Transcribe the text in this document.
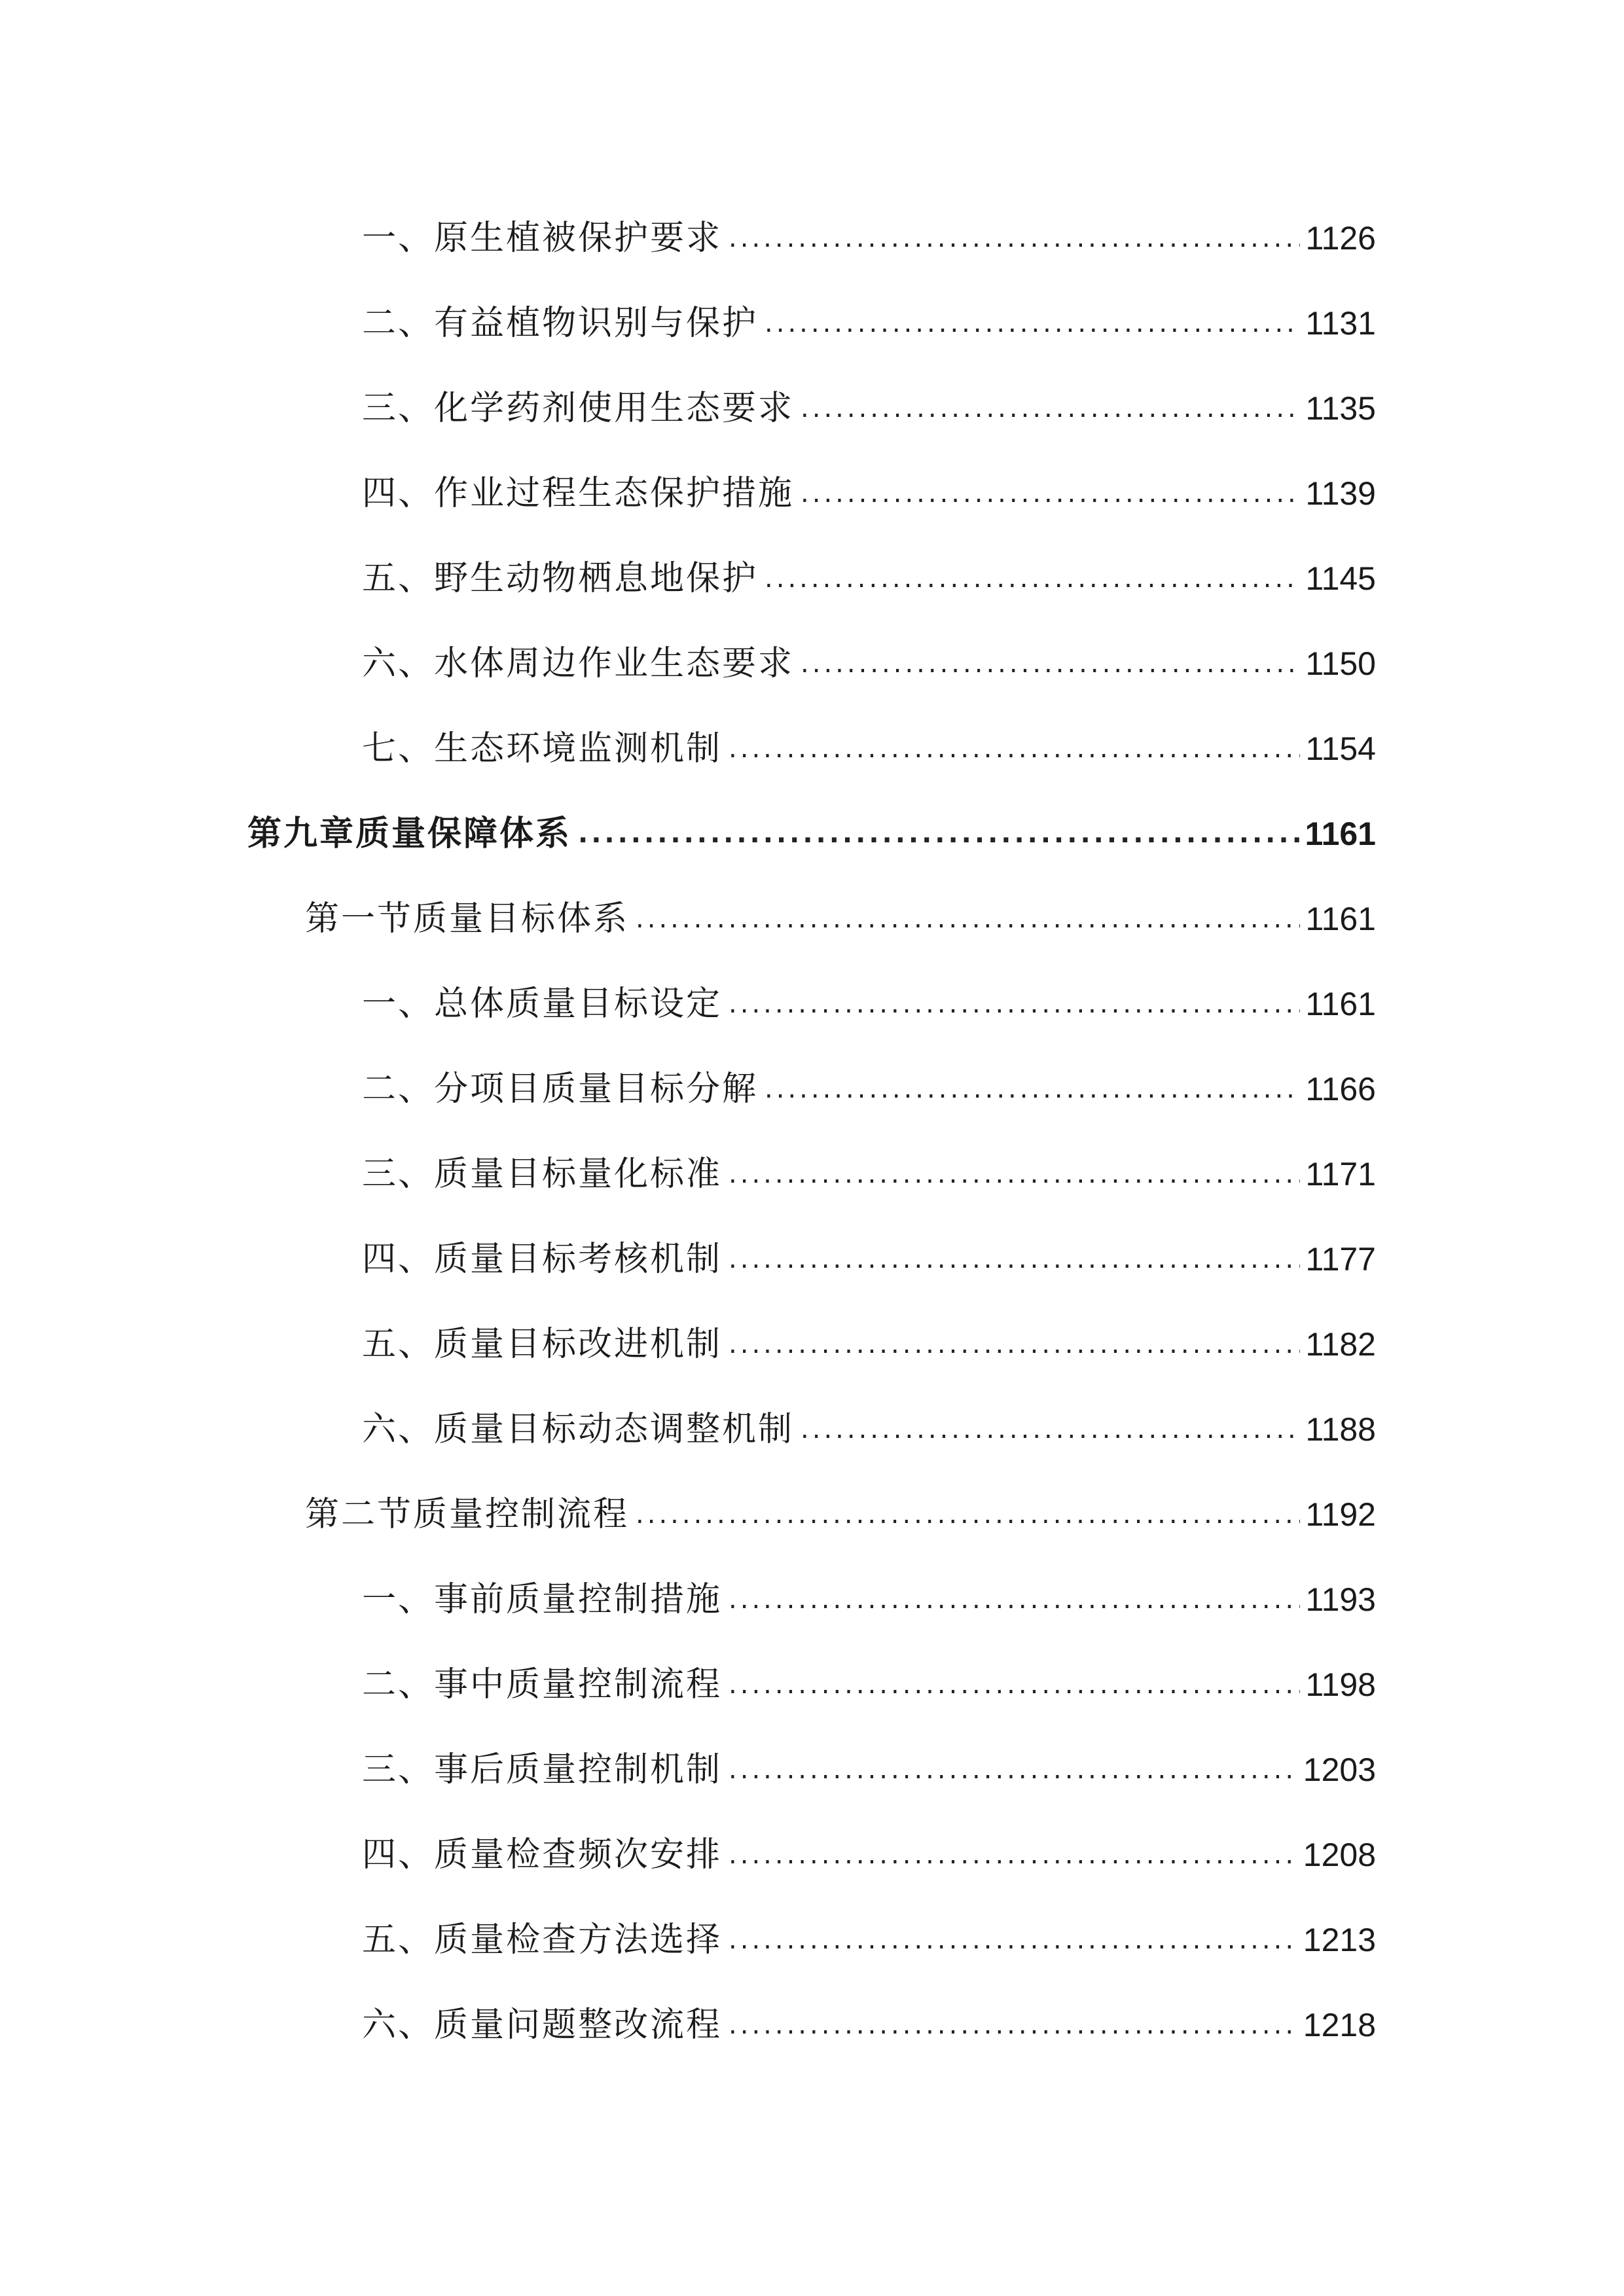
一、原生植被保护要求 .....	1126
二、有益植物识别与保护 .....	1131
三、化学药剂使用生态要求 .....	1135
四、作业过程生态保护措施 .....	1139
五、野生动物栖息地保护 .....	1145
六、水体周边作业生态要求 .....	1150
七、生态环境监测机制 .....	1154
第九章质量保障体系 .....	1161
第一节质量目标体系 .....	1161
一、总体质量目标设定 .....	1161
二、分项目质量目标分解 .....	1166
三、质量目标量化标准 .....	1171
四、质量目标考核机制 .....	1177
五、质量目标改进机制 .....	1182
六、质量目标动态调整机制 .....	1188
第二节质量控制流程 .....	1192
一、事前质量控制措施 .....	1193
二、事中质量控制流程 .....	1198
三、事后质量控制机制 .....	1203
四、质量检查频次安排 .....	1208
五、质量检查方法选择 .....	1213
六、质量问题整改流程 .....	1218
